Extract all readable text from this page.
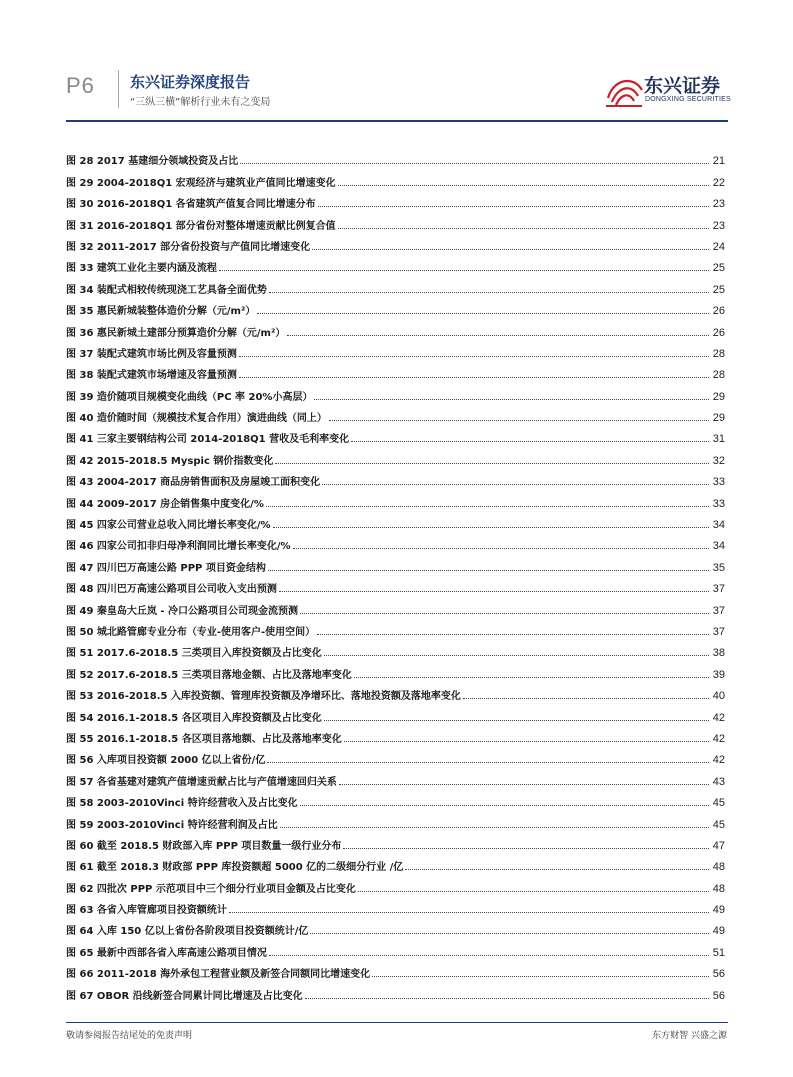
P6 东兴证券深度报告
“三纵三横”解析行业未有之变局
东兴证券
DONGXING SECURITIES
图 28 2017 基建细分领域投资及占比	21
图 29 2004-2018Q1 宏观经济与建筑业产值同比增速变化	22
图 30 2016-2018Q1 各省建筑产值复合同比增速分布	23
图 31 2016-2018Q1 部分省份对整体增速贡献比例复合值	23
图 32 2011-2017 部分省份投资与产值同比增速变化	24
图 33 建筑工业化主要内涵及流程	25
图 34 装配式相较传统现浇工艺具备全面优势	25
图 35 惠民新城装整体造价分解（元/m²）	26
图 36 惠民新城土建部分预算造价分解（元/m²）	26
图 37 装配式建筑市场比例及容量预测	28
图 38 装配式建筑市场增速及容量预测	28
图 39 造价随项目规模变化曲线（PC 率 20%小高层）	29
图 40 造价随时间（规模技术复合作用）演进曲线（同上）	29
图 41 三家主要钢结构公司 2014-2018Q1 营收及毛利率变化	31
图 42 2015-2018.5 Myspic 钢价指数变化	32
图 43 2004-2017 商品房销售面积及房屋竣工面积变化	33
图 44 2009-2017 房企销售集中度变化/%	33
图 45 四家公司营业总收入同比增长率变化/%	34
图 46 四家公司扣非归母净利润同比增长率变化/%	34
图 47 四川巴万高速公路 PPP 项目资金结构	35
图 48 四川巴万高速公路项目公司收入支出预测	37
图 49 秦皇岛大丘岚 - 冷口公路项目公司现金流预测	37
图 50 城北路管廊专业分布（专业-使用客户-使用空间）	37
图 51 2017.6-2018.5 三类项目入库投资额及占比变化	38
图 52 2017.6-2018.5 三类项目落地金额、占比及落地率变化	39
图 53 2016-2018.5 入库投资额、管理库投资额及净增环比、落地投资额及落地率变化	40
图 54 2016.1-2018.5 各区项目入库投资额及占比变化	42
图 55 2016.1-2018.5 各区项目落地额、占比及落地率变化	42
图 56 入库项目投资额 2000 亿以上省份/亿	42
图 57 各省基建对建筑产值增速贡献占比与产值增速回归关系	43
图 58 2003-2010Vinci 特许经营收入及占比变化	45
图 59 2003-2010Vinci 特许经营利润及占比	45
图 60 截至 2018.5 财政部入库 PPP 项目数量一级行业分布	47
图 61 截至 2018.3 财政部 PPP 库投资额超 5000 亿的二级细分行业 /亿	48
图 62 四批次 PPP 示范项目中三个细分行业项目金额及占比变化	48
图 63 各省入库管廊项目投资额统计	49
图 64 入库 150 亿以上省份各阶段项目投资额统计/亿	49
图 65 最新中西部各省入库高速公路项目情况	51
图 66 2011-2018 海外承包工程营业额及新签合同额同比增速变化	56
图 67 OBOR 沿线新签合同累计同比增速及占比变化	56
敬请参阅报告结尾处的免责声明	东方财智 兴盛之源
